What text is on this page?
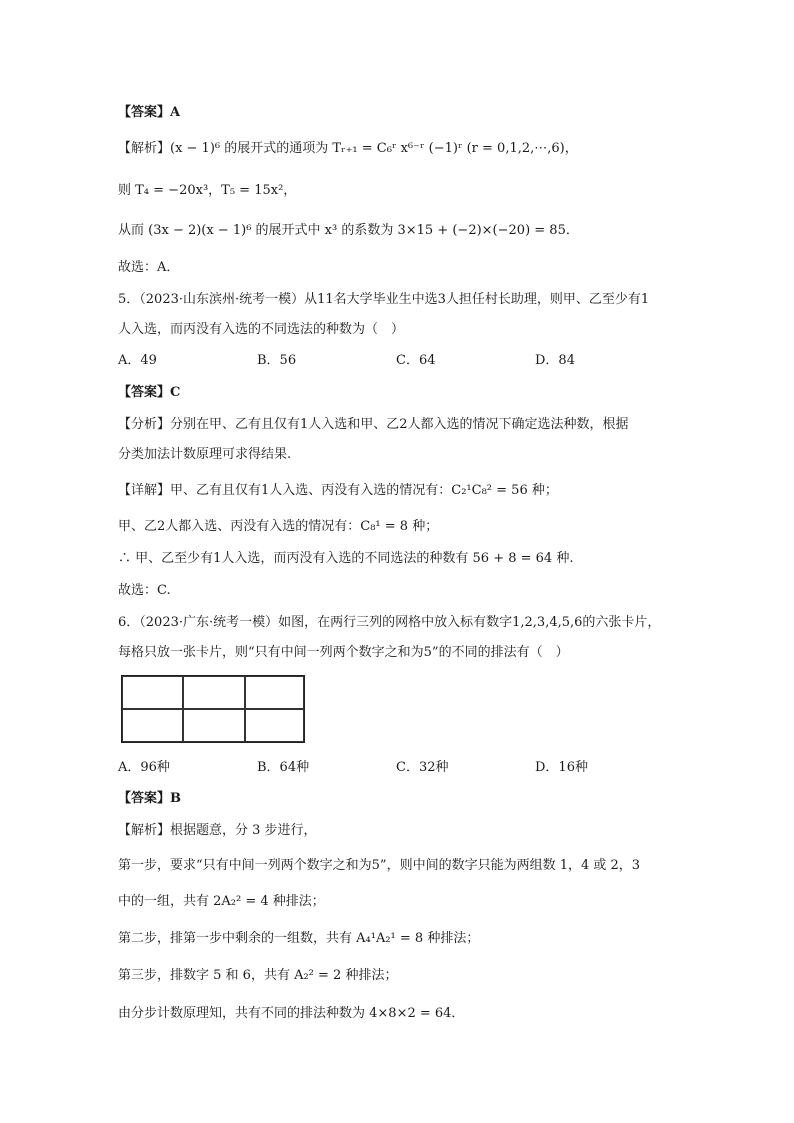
【答案】A
【解析】(x − 1)⁶ 的展开式的通项为 Tᵣ₊₁ = C₆ʳ x⁶⁻ʳ (−1)ʳ (r = 0,1,2,⋯,6)，
则 T₄ = −20x³，T₅ = 15x²，
从而 (3x − 2)(x − 1)⁶ 的展开式中 x³ 的系数为 3×15 + (−2)×(−20) = 85．
故选：A．
5．（2023·山东滨州·统考一模）从11名大学毕业生中选3人担任村长助理，则甲、乙至少有1
人入选，而丙没有入选的不同选法的种数为（　）
A．49	B．56	C．64	D．84
【答案】C
【分析】分别在甲、乙有且仅有1人入选和甲、乙2人都入选的情况下确定选法种数，根据
分类加法计数原理可求得结果.
【详解】甲、乙有且仅有1人入选、丙没有入选的情况有：C₂¹C₈² = 56 种；
甲、乙2人都入选、丙没有入选的情况有：C₈¹ = 8 种；
∴ 甲、乙至少有1人入选，而丙没有入选的不同选法的种数有 56 + 8 = 64 种.
故选：C.
6．（2023·广东·统考一模）如图，在两行三列的网格中放入标有数字1,2,3,4,5,6的六张卡片，
每格只放一张卡片，则“只有中间一列两个数字之和为5”的不同的排法有（　）
A．96种	B．64种	C．32种	D．16种
【答案】B
【解析】根据题意，分 3 步进行，
第一步，要求“只有中间一列两个数字之和为5”，则中间的数字只能为两组数 1，4 或 2，3
中的一组，共有 2A₂² = 4 种排法；
第二步，排第一步中剩余的一组数，共有 A₄¹A₂¹ = 8 种排法；
第三步，排数字 5 和 6，共有 A₂² = 2 种排法；
由分步计数原理知，共有不同的排法种数为 4×8×2 = 64．
